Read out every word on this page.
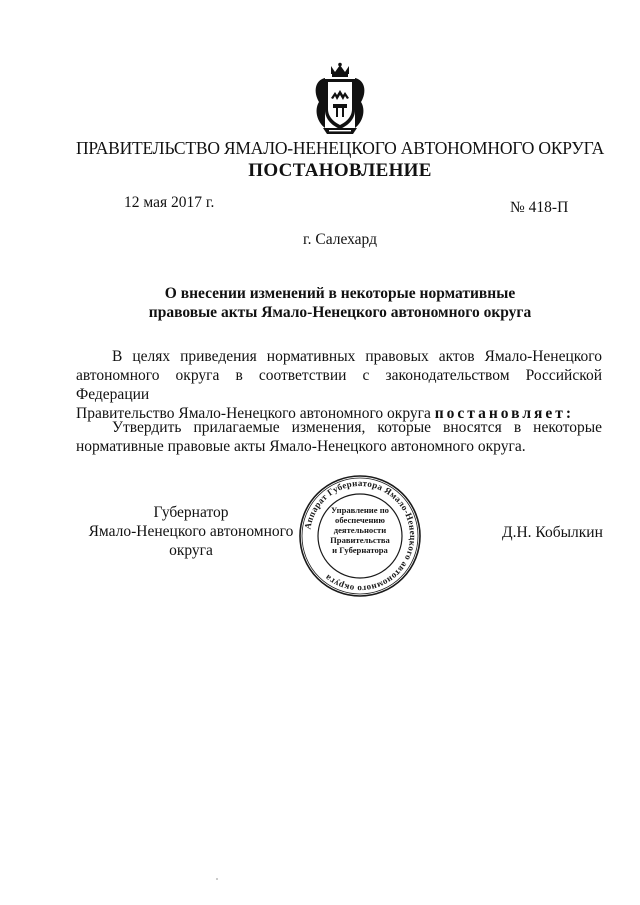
ПРАВИТЕЛЬСТВО ЯМАЛО-НЕНЕЦКОГО АВТОНОМНОГО ОКРУГА
ПОСТАНОВЛЕНИЕ
12 мая 2017 г.	№ 418-П
г. Салехард
О внесении изменений в некоторые нормативные
правовые акты Ямало-Ненецкого автономного округа
В целях приведения нормативных правовых актов Ямало-Ненецкого
автономного округа в соответствии с законодательством Российской Федерации
Правительство Ямало-Ненецкого автономного округа постановляет:
Утвердить прилагаемые изменения, которые вносятся в некоторые
нормативные правовые акты Ямало-Ненецкого автономного округа.
Губернатор
Ямало-Ненецкого автономного округа
Д.Н. Кобылкин
Аппарат Губернатора Ямало-Ненецкого автономного округа
Управление по
обеспечению
деятельности
Правительства
и Губернатора
